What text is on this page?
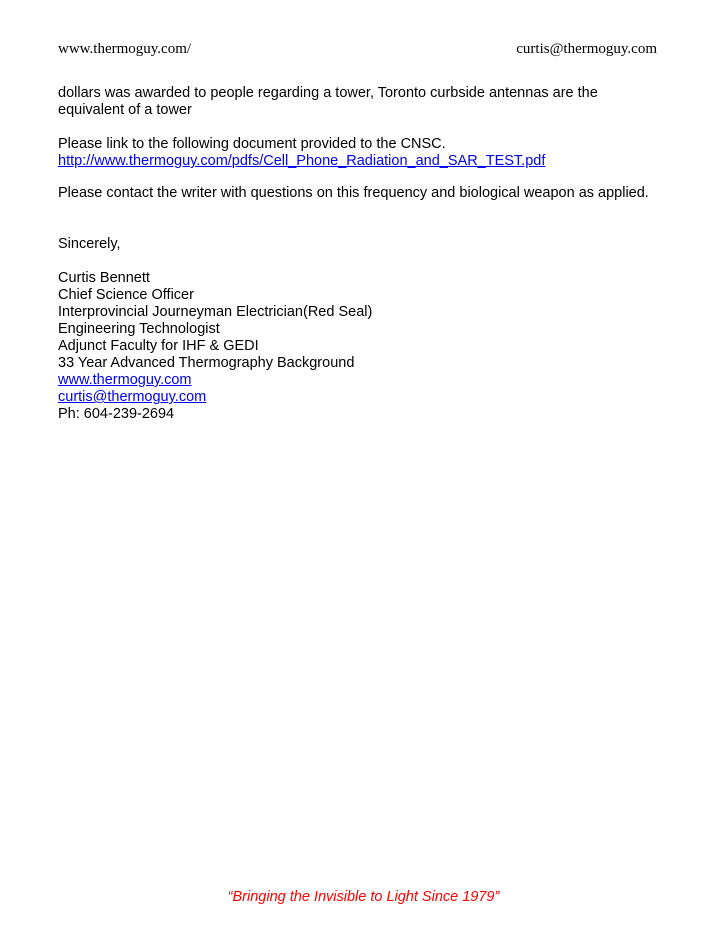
www.thermoguy.com/	curtis@thermoguy.com

dollars was awarded to people regarding a tower, Toronto curbside antennas are the
equivalent of a tower

Please link to the following document provided to the CNSC.
http://www.thermoguy.com/pdfs/Cell_Phone_Radiation_and_SAR_TEST.pdf

Please contact the writer with questions on this frequency and biological weapon as applied.

Sincerely,

Curtis Bennett
Chief Science Officer
Interprovincial Journeyman Electrician(Red Seal)
Engineering Technologist
Adjunct Faculty for IHF & GEDI
33 Year Advanced Thermography Background
www.thermoguy.com
curtis@thermoguy.com
Ph: 604-239-2694
“Bringing the Invisible to Light Since 1979”
